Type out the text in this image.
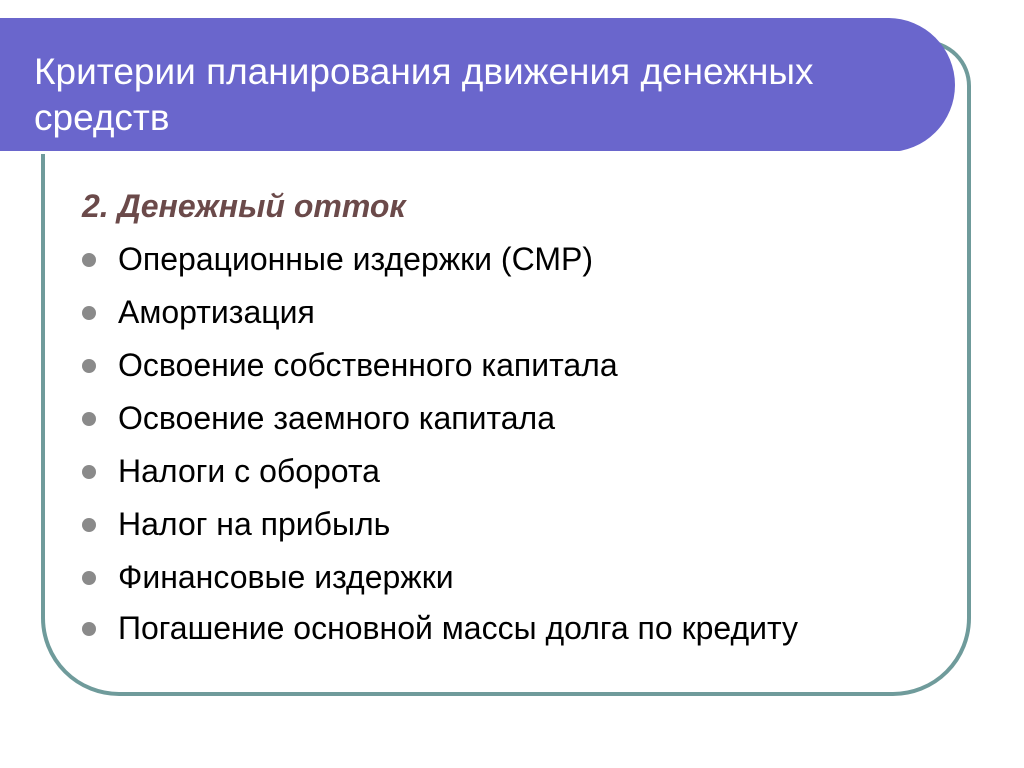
Критерии планирования движения денежных средств
2. Денежный отток
Операционные издержки (СМР)
Амортизация
Освоение собственного капитала
Освоение заемного капитала
Налоги с оборота
Налог на прибыль
Финансовые издержки
Погашение основной массы долга по кредиту
